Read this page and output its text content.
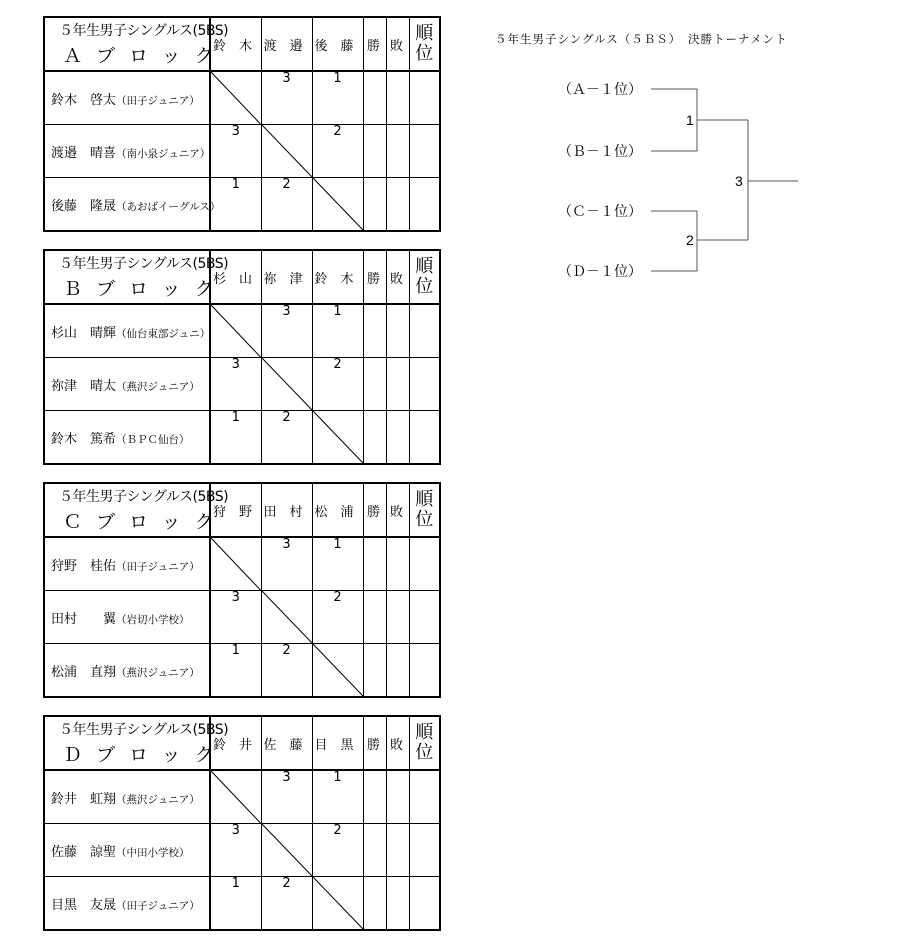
５年生男子シングルス(5BS)
Ａブロック	鈴　木	渡　邉	後　藤	勝	敗	順位

鈴木　啓太（田子ジュニア）		3	1			

渡邉　晴喜（南小泉ジュニア）	3		2			

後藤　隆晟（あおばイーグルス）	1	2

５年生男子シングルス(5BS)
Ｂブロック	杉　山	祢　津	鈴　木	勝	敗	順位

杉山　晴輝（仙台東部ジュニ）		3	1			

祢津　晴太（燕沢ジュニア）	3		2			

鈴木　篤希（ＢＰＣ仙台）	1	2

５年生男子シングルス(5BS)
Ｃブロック	狩　野	田　村	松　浦	勝	敗	順位

狩野　桂佑（田子ジュニア）		3	1			

田村　　翼（岩切小学校）	3		2			

松浦　直翔（燕沢ジュニア）	1	2

５年生男子シングルス(5BS)
Ｄブロック	鈴　井	佐　藤	目　黒	勝	敗	順位

鈴井　虹翔（燕沢ジュニア）		3	1			

佐藤　諒聖（中田小学校）	3		2			

目黒　友晟（田子ジュニア）	1	2

５年生男子シングルス（５ＢＳ）　決勝トーナメント
（Ａ－１位）
（Ｂ－１位）
（Ｃ－１位）
（Ｄ－１位）
1
2
3
